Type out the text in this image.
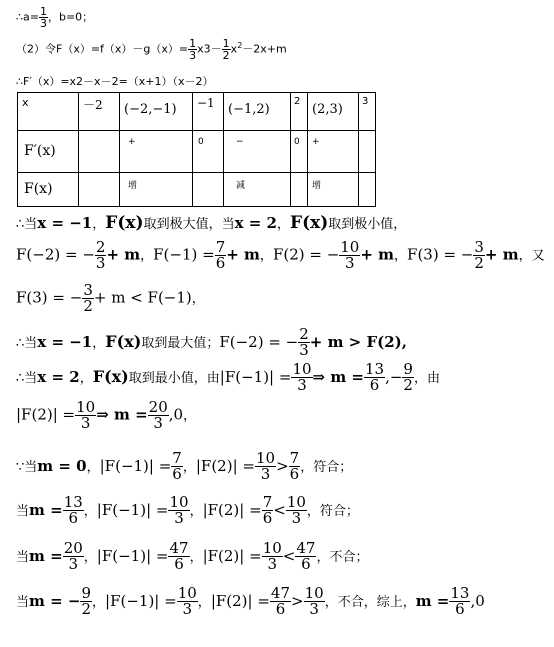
∴a= $\frac{1}{3}$ ，b=0；
（2）令$F(x)=f(x)-g(x)= \frac{1}{3} x3- \frac{1}{2} x^2-2x+m$
∴F′（x）=x2－x－2=（x+1）（x－2）
x	－2	(−2,−1)	−1	(−1,2)	2	(2,3)	3

F′(x)		+	0	−	0	+	

F(x)		增		减		增	

∴当x = −1，F(x)取到极大值，当x = 2，F(x)取到极小值，
F(−2) = − $\frac{2}{3} + m$，$F(-1) = \frac{7}{6} + m$，F(2) = − $\frac{10}{3} + m$，F(3) = − $\frac{3}{2} + m$，又
F(3) = − $\frac{3}{2} + m < F(-1)$，
∴当x = −1，F(x)取到最大值；F(−2) = − $\frac{2}{3} + m > F(2)$,
∴当x = 2，F(x)取到最小值，由$|F(-1)| = \frac{10}{3}$ ⇒ $m = \frac{13}{6}$ ,− $\frac{9}{2}$ ，由
$|F(2)| = \frac{10}{3}$ ⇒ $m = \frac{20}{3} ,0$，
∵当m = 0，$|F(-1)| = \frac{7}{6}$ ，$|F(2)| = \frac{10}{3} > \frac{7}{6}$ ，符合；
当$m = \frac{13}{6}$ ，$|F(-1)| = \frac{10}{3}$ ，$|F(2)| = \frac{7}{6} < \frac{10}{3}$ ，符合；
当$m = \frac{20}{3}$ ，$|F(-1)| = \frac{47}{6}$ ，$|F(2)| = \frac{10}{3} < \frac{47}{6}$ ，不合；
当m = − $\frac{9}{2}$ ，$|F(-1)| = \frac{10}{3}$ ，$|F(2)| = \frac{47}{6} > \frac{10}{3}$ ，不合，综上，$m = \frac{13}{6} ,0$
